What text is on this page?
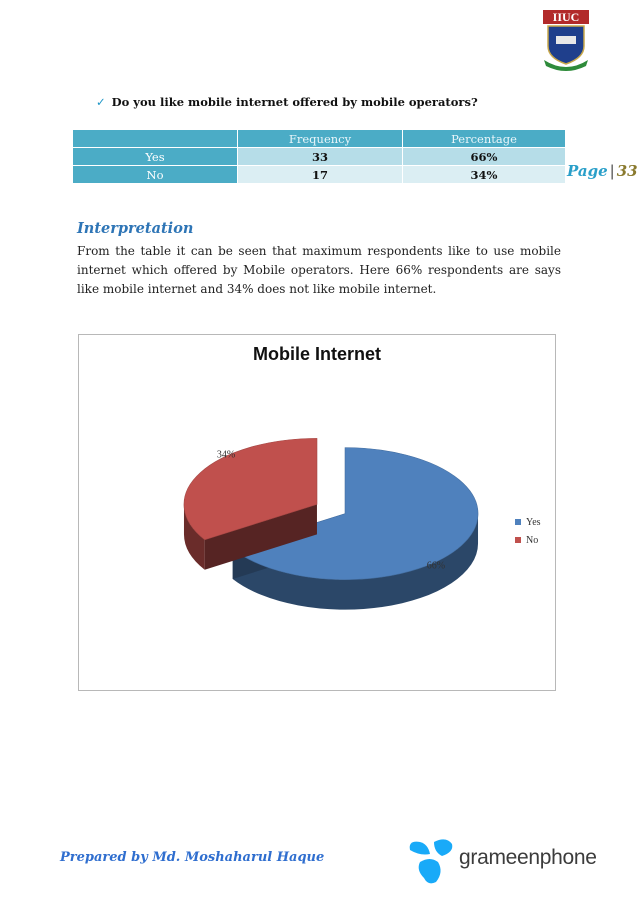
IIUC
✓ Do you like mobile internet offered by mobile operators?
	Frequency	Percentage
Yes	33	66%
No	17	34%	Page | 33
Interpretation
From the table it can be seen that maximum respondents like to use mobile internet which offered by Mobile operators. Here 66% respondents are says like mobile internet and 34% does not like mobile internet.
Mobile Internet
66%
34%
Yes
No
Prepared by Md. Moshaharul Haque	grameenphone
